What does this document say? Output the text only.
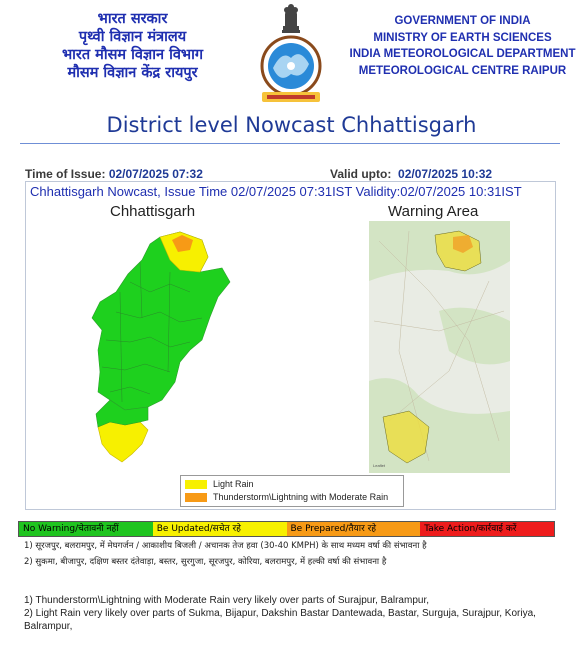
भारत सरकार
पृथ्वी विज्ञान मंत्रालय
भारत मौसम विज्ञान विभाग
मौसम विज्ञान केंद्र रायपुर
GOVERNMENT OF INDIA
MINISTRY OF EARTH SCIENCES
INDIA METEOROLOGICAL DEPARTMENT
METEOROLOGICAL CENTRE RAIPUR
District level Nowcast Chhattisgarh
Time of Issue: 02/07/2025 07:32	Valid upto: 02/07/2025 10:32
Chhattisgarh Nowcast, Issue Time 02/07/2025 07:31IST Validity:02/07/2025 10:31IST
Chhattisgarh	Warning Area
Leaflet
Light Rain
Thunderstorm\Lightning with Moderate Rain
No Warning/चेतावनी नहीं	Be Updated/सचेत रहे	Be Prepared/तैयार रहे	Take Action/कार्रवाई करें
1) सूरजपुर, बलरामपुर, में मेघगर्जन / आकाशीय बिजली / अचानक तेज हवा (30-40 KMPH) के साथ मध्यम वर्षा की संभावना है
2) सुकमा, बीजापुर, दक्षिण बस्तर दंतेवाड़ा, बस्तर, सुरगुजा, सूरजपुर, कोरिया, बलरामपुर, में हल्की वर्षा की संभावना है
1) Thunderstorm\Lightning with Moderate Rain very likely over parts of Surajpur, Balrampur,
2) Light Rain very likely over parts of Sukma, Bijapur, Dakshin Bastar Dantewada, Bastar, Surguja, Surajpur, Koriya, Balrampur,
